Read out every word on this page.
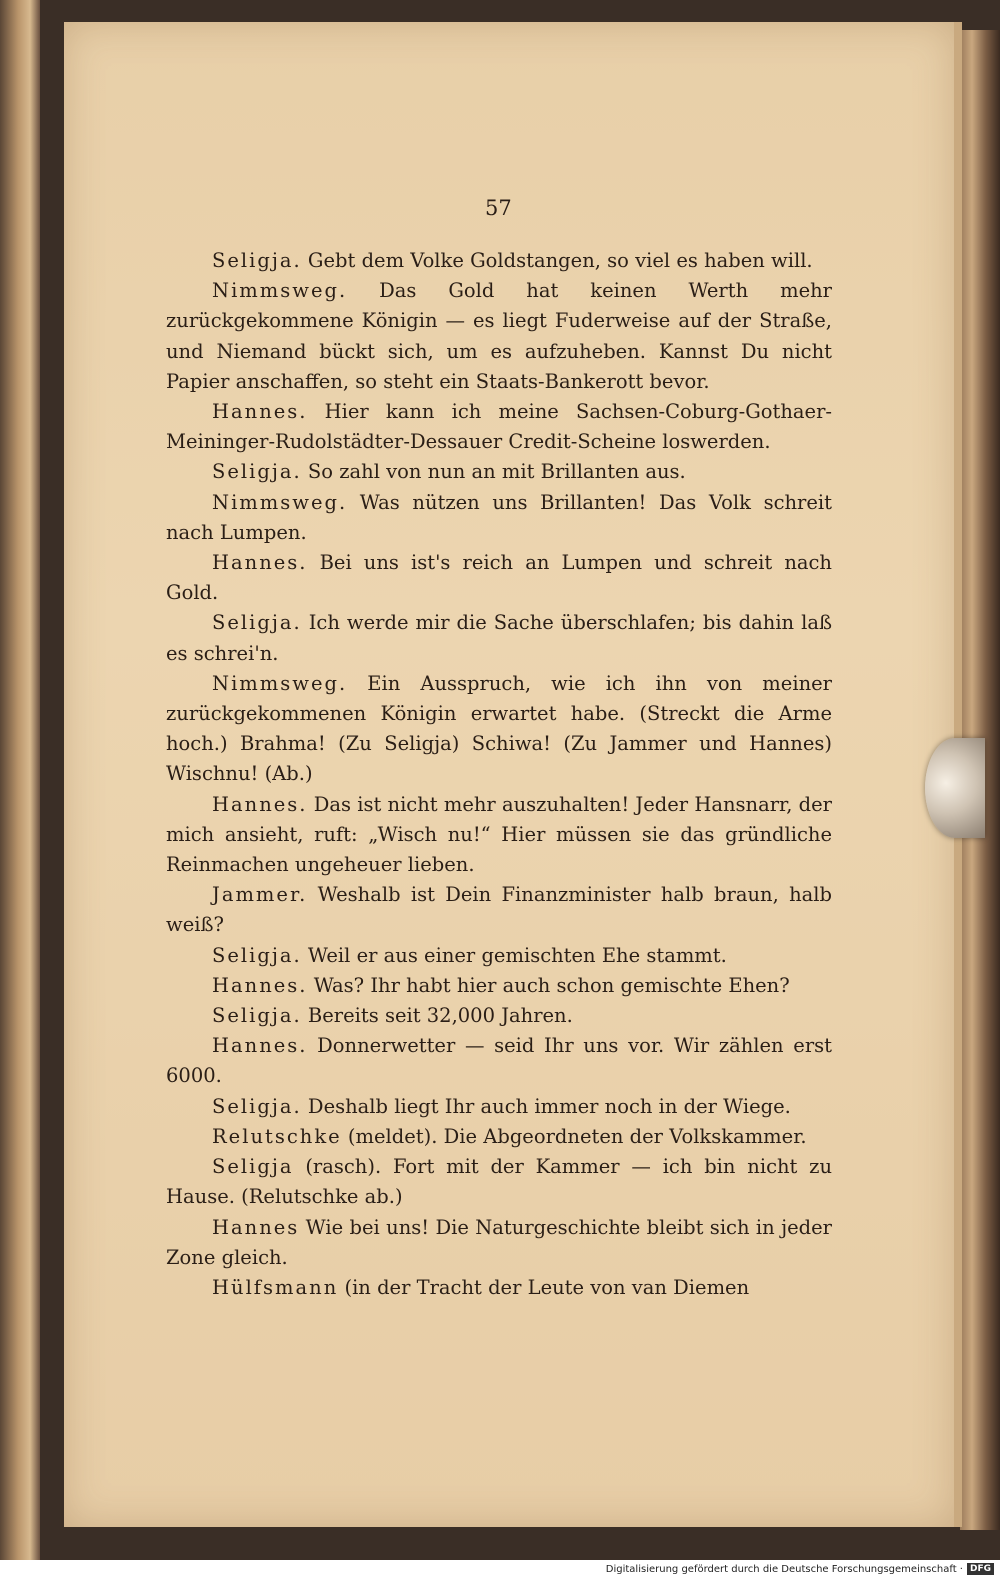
57

Seligja. Gebt dem Volke Goldstangen, so viel es haben will.

Nimmsweg. Das Gold hat keinen Werth mehr zurückgekommene Königin — es liegt Fuderweise auf der Straße, und Niemand bückt sich, um es aufzuheben. Kannst Du nicht Papier anschaffen, so steht ein Staats-Bankerott bevor.

Hannes. Hier kann ich meine Sachsen-Coburg-Gothaer-Meininger-Rudolstädter-Dessauer Credit-Scheine loswerden.

Seligja. So zahl von nun an mit Brillanten aus.

Nimmsweg. Was nützen uns Brillanten! Das Volk schreit nach Lumpen.

Hannes. Bei uns ist's reich an Lumpen und schreit nach Gold.

Seligja. Ich werde mir die Sache überschlafen; bis dahin laß es schrei'n.

Nimmsweg. Ein Ausspruch, wie ich ihn von meiner zurückgekommenen Königin erwartet habe. (Streckt die Arme hoch.) Brahma! (Zu Seligja) Schiwa! (Zu Jammer und Hannes) Wischnu! (Ab.)

Hannes. Das ist nicht mehr auszuhalten! Jeder Hansnarr, der mich ansieht, ruft: „Wisch nu!“ Hier müssen sie das gründliche Reinmachen ungeheuer lieben.

Jammer. Weshalb ist Dein Finanzminister halb braun, halb weiß?

Seligja. Weil er aus einer gemischten Ehe stammt.

Hannes. Was? Ihr habt hier auch schon gemischte Ehen?

Seligja. Bereits seit 32,000 Jahren.

Hannes. Donnerwetter — seid Ihr uns vor. Wir zählen erst 6000.

Seligja. Deshalb liegt Ihr auch immer noch in der Wiege.

Relutschke (meldet). Die Abgeordneten der Volkskammer.

Seligja (rasch). Fort mit der Kammer — ich bin nicht zu Hause. (Relutschke ab.)

Hannes Wie bei uns! Die Naturgeschichte bleibt sich in jeder Zone gleich.

Hülfsmann (in der Tracht der Leute von van Diemen

Digitalisierung gefördert durch die Deutsche Forschungsgemeinschaft · DFG
